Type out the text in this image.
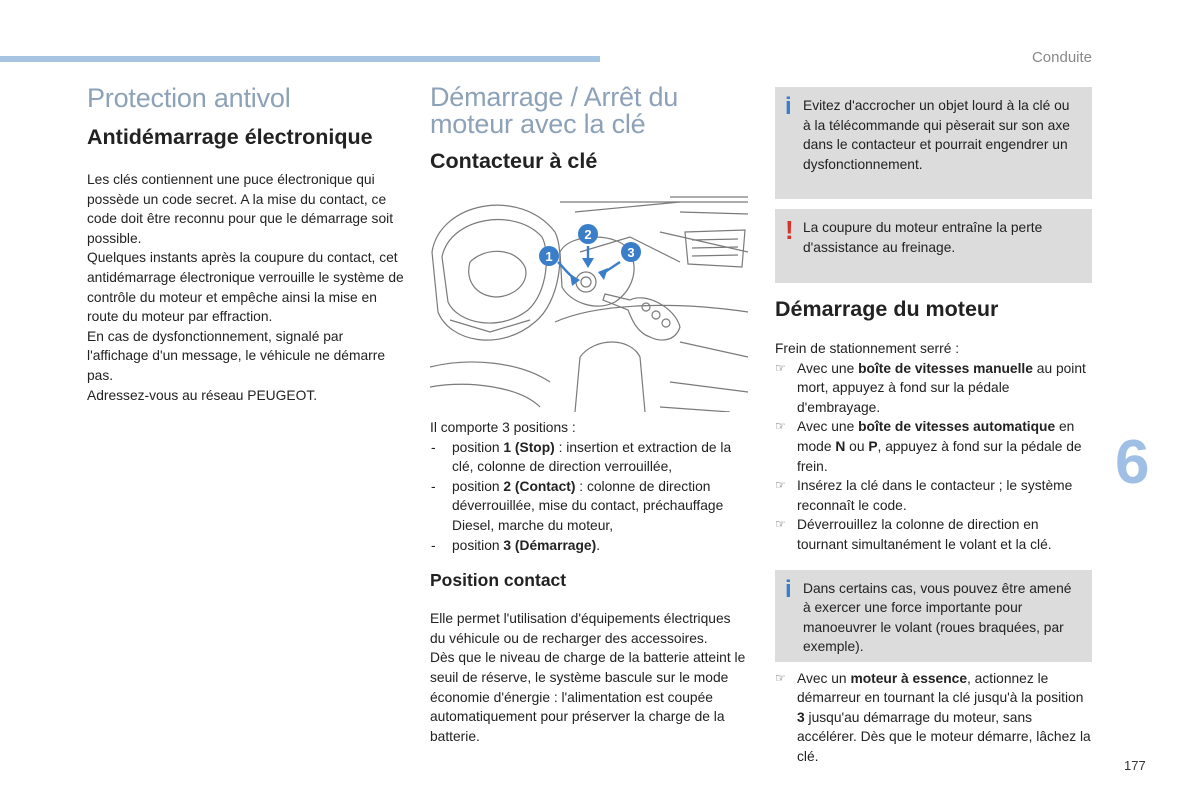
Conduite
Protection antivol
Antidémarrage électronique

Les clés contiennent une puce électronique qui possède un code secret. A la mise du contact, ce code doit être reconnu pour que le démarrage soit possible.
Quelques instants après la coupure du contact, cet antidémarrage électronique verrouille le système de contrôle du moteur et empêche ainsi la mise en route du moteur par effraction.
En cas de dysfonctionnement, signalé par l'affichage d'un message, le véhicule ne démarre pas.
Adressez-vous au réseau PEUGEOT.

Démarrage / Arrêt du
moteur avec la clé
Contacteur à clé
1
2
3

Il comporte 3 positions :

- position 1 (Stop) : insertion et extraction de la clé, colonne de direction verrouillée,
- position 2 (Contact) : colonne de direction déverrouillée, mise du contact, préchauffage Diesel, marche du moteur,
- position 3 (Démarrage).
Position contact

Elle permet l'utilisation d'équipements électriques du véhicule ou de recharger des accessoires.
Dès que le niveau de charge de la batterie atteint le seuil de réserve, le système bascule sur le mode économie d'énergie : l'alimentation est coupée automatiquement pour préserver la charge de la batterie.

i Evitez d'accrocher un objet lourd à la clé ou à la télécommande qui pèserait sur son axe dans le contacteur et pourrait engendrer un dysfonctionnement.

! La coupure du moteur entraîne la perte d'assistance au freinage.

Démarrage du moteur

Frein de stationnement serré :

☞ Avec une boîte de vitesses manuelle au point mort, appuyez à fond sur la pédale d'embrayage.
☞ Avec une boîte de vitesses automatique en mode N ou P, appuyez à fond sur la pédale de frein.
☞ Insérez la clé dans le contacteur ; le système reconnaît le code.
☞ Déverrouillez la colonne de direction en tournant simultanément le volant et la clé.
i Dans certains cas, vous pouvez être amené à exercer une force importante pour manoeuvrer le volant (roues braquées, par exemple).

☞ Avec un moteur à essence, actionnez le démarreur en tournant la clé jusqu'à la position 3 jusqu'au démarrage du moteur, sans accélérer. Dès que le moteur démarre, lâchez la clé.
6
177
